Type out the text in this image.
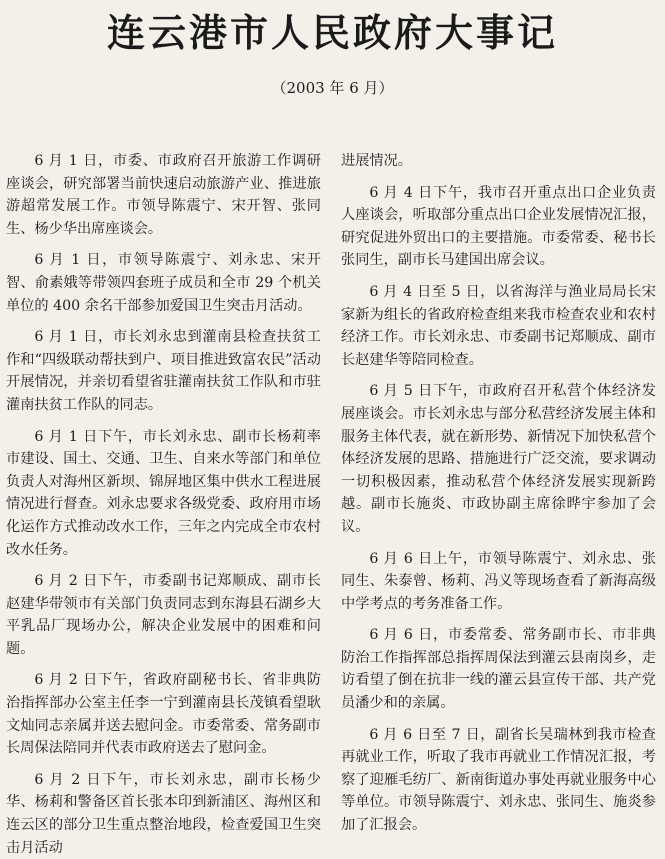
连云港市人民政府大事记
（2003 年 6 月）

6 月 1 日，市委、市政府召开旅游工作调研座谈会，研究部署当前快速启动旅游产业、推进旅游超常发展工作。市领导陈震宁、宋开智、张同生、杨少华出席座谈会。

6 月 1 日，市领导陈震宁、刘永忠、宋开智、俞素娥等带领四套班子成员和全市 29 个机关单位的 400 余名干部参加爱国卫生突击月活动。

6 月 1 日，市长刘永忠到灌南县检查扶贫工作和“四级联动帮扶到户、项目推进致富农民”活动开展情况，并亲切看望省驻灌南扶贫工作队和市驻灌南扶贫工作队的同志。

6 月 1 日下午，市长刘永忠、副市长杨莉率市建设、国土、交通、卫生、自来水等部门和单位负责人对海州区新坝、锦屏地区集中供水工程进展情况进行督查。刘永忠要求各级党委、政府用市场化运作方式推动改水工作，三年之内完成全市农村改水任务。

6 月 2 日下午，市委副书记郑顺成、副市长赵建华带领市有关部门负责同志到东海县石湖乡大平乳品厂现场办公，解决企业发展中的困难和问题。

6 月 2 日下午，省政府副秘书长、省非典防治指挥部办公室主任李一宁到灌南县长茂镇看望耿文灿同志亲属并送去慰问金。市委常委、常务副市长周保法陪同并代表市政府送去了慰问金。

6 月 2 日下午，市长刘永忠，副市长杨少华、杨莉和警备区首长张本印到新浦区、海州区和连云区的部分卫生重点整治地段，检查爱国卫生突击月活动

进展情况。

6 月 4 日下午，我市召开重点出口企业负责人座谈会，听取部分重点出口企业发展情况汇报，研究促进外贸出口的主要措施。市委常委、秘书长张同生，副市长马建国出席会议。

6 月 4 日至 5 日，以省海洋与渔业局局长宋家新为组长的省政府检查组来我市检查农业和农村经济工作。市长刘永忠、市委副书记郑顺成、副市长赵建华等陪同检查。

6 月 5 日下午，市政府召开私营个体经济发展座谈会。市长刘永忠与部分私营经济发展主体和服务主体代表，就在新形势、新情况下加快私营个体经济发展的思路、措施进行广泛交流，要求调动一切积极因素，推动私营个体经济发展实现新跨越。副市长施炎、市政协副主席徐晔宇参加了会议。

6 月 6 日上午，市领导陈震宁、刘永忠、张同生、朱泰曾、杨莉、冯义等现场查看了新海高级中学考点的考务准备工作。

6 月 6 日，市委常委、常务副市长、市非典防治工作指挥部总指挥周保法到灌云县南岗乡，走访看望了倒在抗非一线的灌云县宣传干部、共产党员潘少和的亲属。

6 月 6 日至 7 日，副省长吴瑞林到我市检查再就业工作，听取了我市再就业工作情况汇报，考察了迎雁毛纺厂、新南街道办事处再就业服务中心等单位。市领导陈震宁、刘永忠、张同生、施炎参加了汇报会。
